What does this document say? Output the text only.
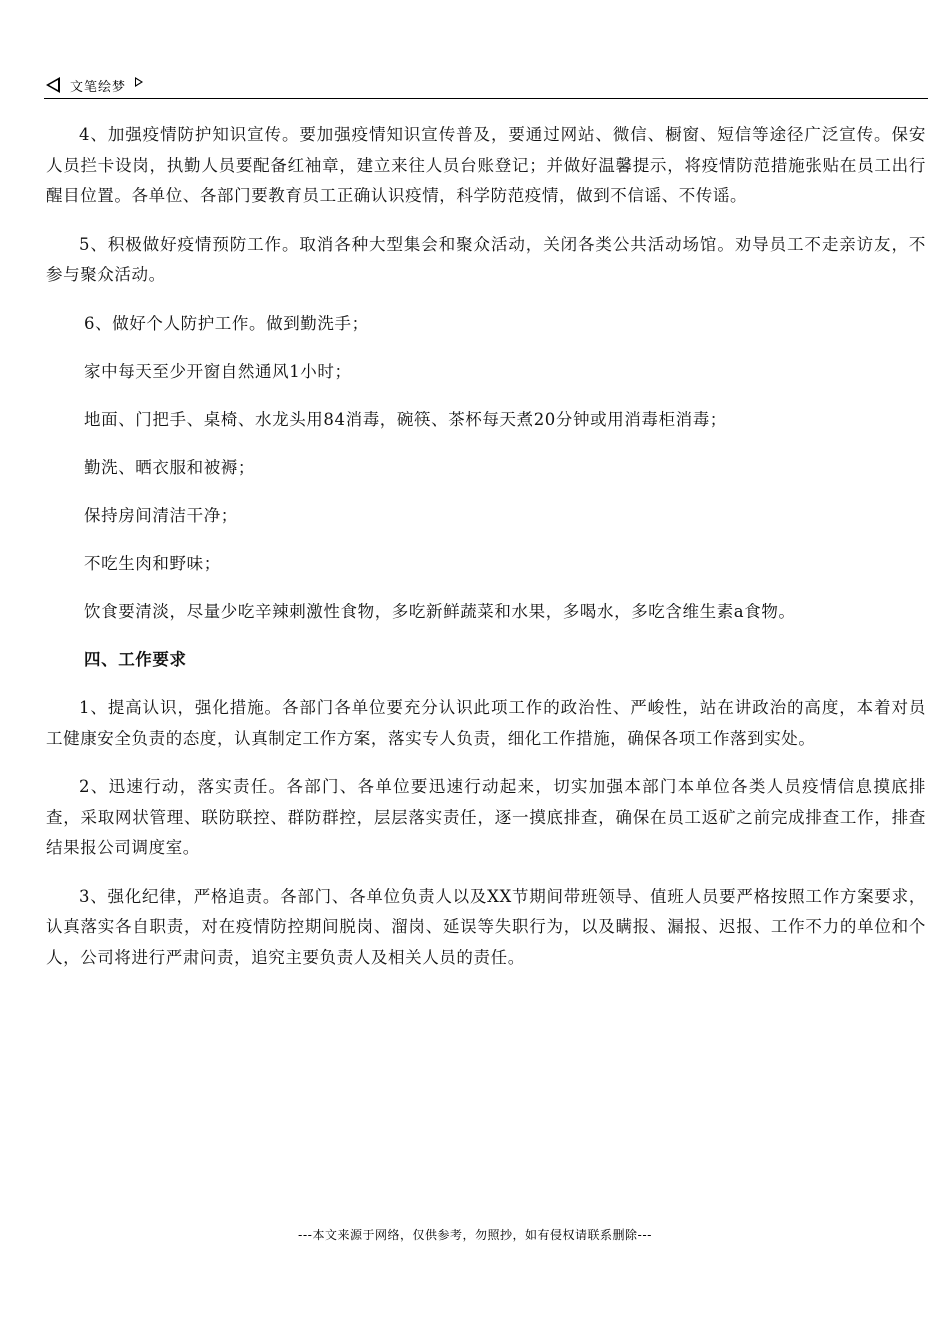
文笔绘梦

4、加强疫情防护知识宣传。要加强疫情知识宣传普及，要通过网站、微信、橱窗、短信等途径广泛宣传。保安人员拦卡设岗，执勤人员要配备红袖章，建立来往人员台账登记；并做好温馨提示，将疫情防范措施张贴在员工出行醒目位置。各单位、各部门要教育员工正确认识疫情，科学防范疫情，做到不信谣、不传谣。

5、积极做好疫情预防工作。取消各种大型集会和聚众活动，关闭各类公共活动场馆。劝导员工不走亲访友，不参与聚众活动。

6、做好个人防护工作。做到勤洗手；

家中每天至少开窗自然通风1小时；

地面、门把手、桌椅、水龙头用84消毒，碗筷、茶杯每天煮20分钟或用消毒柜消毒；

勤洗、晒衣服和被褥；

保持房间清洁干净；

不吃生肉和野味；

饮食要清淡，尽量少吃辛辣刺激性食物，多吃新鲜蔬菜和水果，多喝水，多吃含维生素a食物。

四、工作要求

1、提高认识，强化措施。各部门各单位要充分认识此项工作的政治性、严峻性，站在讲政治的高度，本着对员工健康安全负责的态度，认真制定工作方案，落实专人负责，细化工作措施，确保各项工作落到实处。

2、迅速行动，落实责任。各部门、各单位要迅速行动起来，切实加强本部门本单位各类人员疫情信息摸底排查，采取网状管理、联防联控、群防群控，层层落实责任，逐一摸底排查，确保在员工返矿之前完成排查工作，排查结果报公司调度室。

3、强化纪律，严格追责。各部门、各单位负责人以及XX节期间带班领导、值班人员要严格按照工作方案要求，认真落实各自职责，对在疫情防控期间脱岗、溜岗、延误等失职行为，以及瞒报、漏报、迟报、工作不力的单位和个人，公司将进行严肃问责，追究主要负责人及相关人员的责任。

---本文来源于网络，仅供参考，勿照抄，如有侵权请联系删除---
